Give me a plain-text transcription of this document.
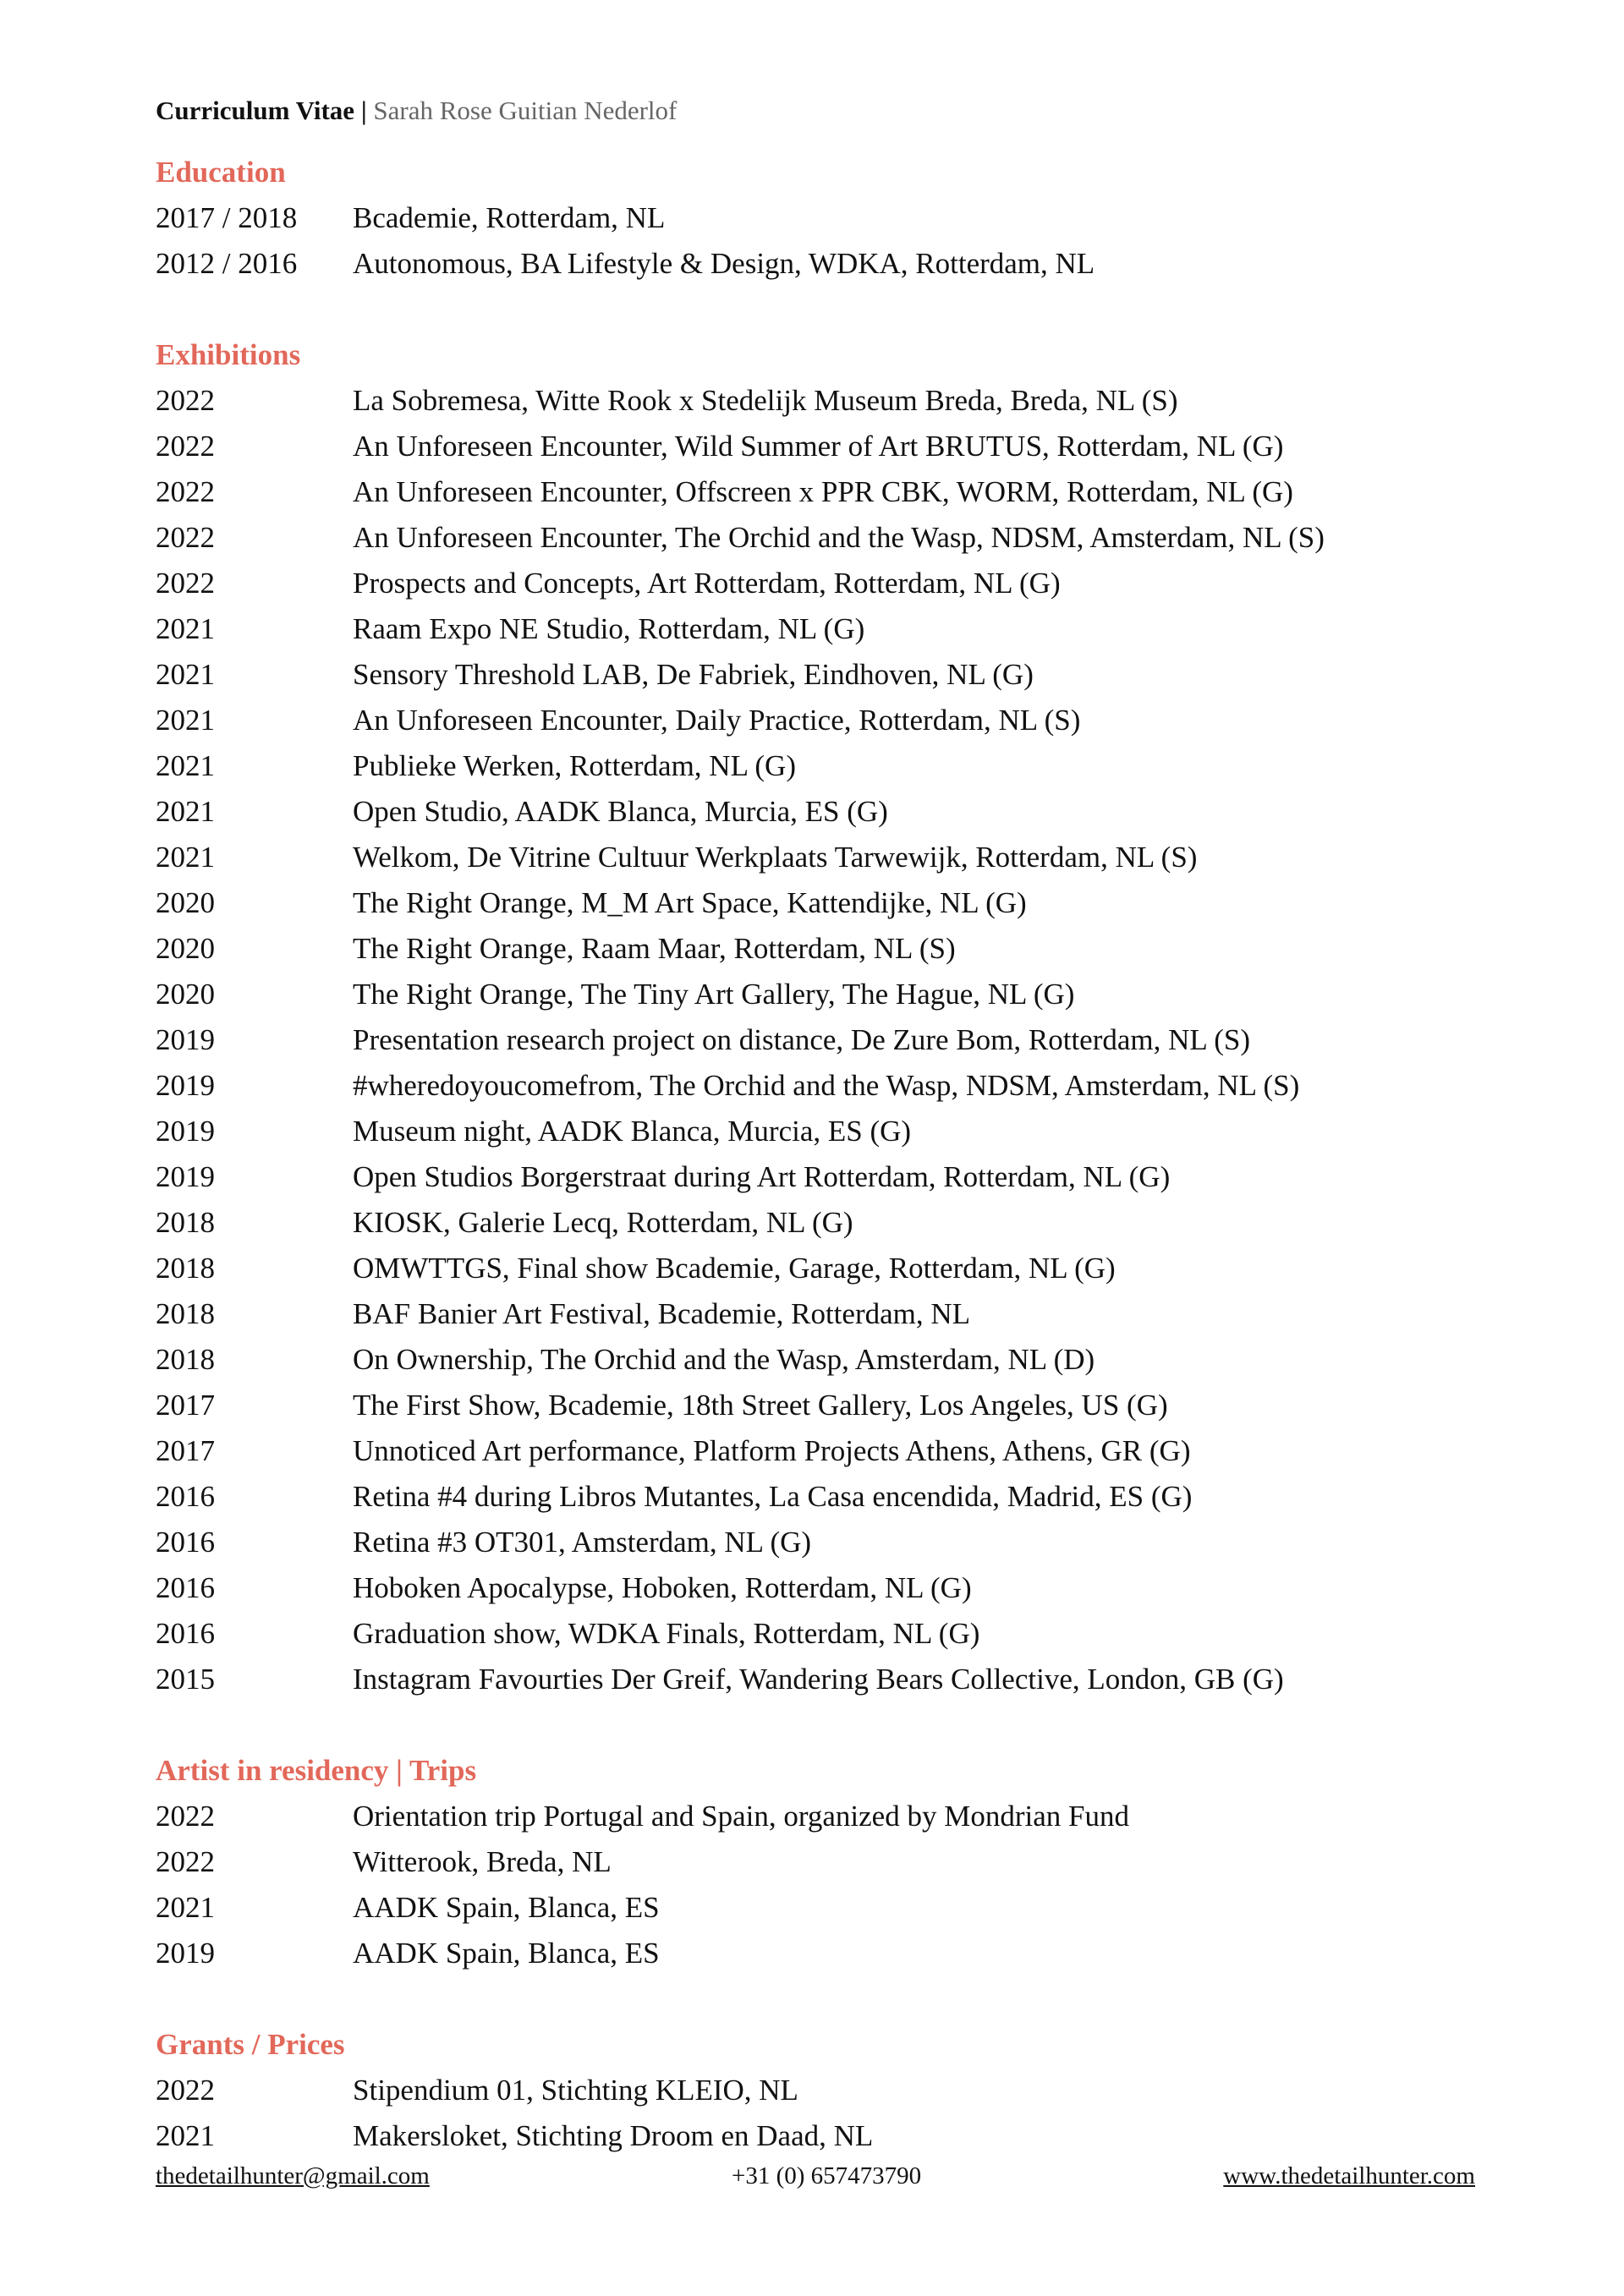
Curriculum Vitae | Sarah Rose Guitian Nederlof
Education
2017 / 2018 Bcademie, Rotterdam, NL
2012 / 2016 Autonomous, BA Lifestyle & Design, WDKA, Rotterdam, NL
Exhibitions
2022	La Sobremesa, Witte Rook x Stedelijk Museum Breda, Breda, NL (S)
2022	An Unforeseen Encounter, Wild Summer of Art BRUTUS, Rotterdam, NL (G)
2022	An Unforeseen Encounter, Offscreen x PPR CBK, WORM, Rotterdam, NL (G)
2022	An Unforeseen Encounter, The Orchid and the Wasp, NDSM, Amsterdam, NL (S)
2022	Prospects and Concepts, Art Rotterdam, Rotterdam, NL (G)
2021	Raam Expo NE Studio, Rotterdam, NL (G)
2021	Sensory Threshold LAB, De Fabriek, Eindhoven, NL (G)
2021	An Unforeseen Encounter, Daily Practice, Rotterdam, NL (S)
2021	Publieke Werken, Rotterdam, NL (G)
2021	Open Studio, AADK Blanca, Murcia, ES (G)
2021	Welkom, De Vitrine Cultuur Werkplaats Tarwewijk, Rotterdam, NL (S)
2020	The Right Orange, M_M Art Space, Kattendijke, NL (G)
2020	The Right Orange, Raam Maar, Rotterdam, NL (S)
2020	The Right Orange, The Tiny Art Gallery, The Hague, NL (G)
2019	Presentation research project on distance, De Zure Bom, Rotterdam, NL (S)
2019	#wheredoyoucomefrom, The Orchid and the Wasp, NDSM, Amsterdam, NL (S)
2019	Museum night, AADK Blanca, Murcia, ES (G)
2019	Open Studios Borgerstraat during Art Rotterdam, Rotterdam, NL (G)
2018	KIOSK, Galerie Lecq, Rotterdam, NL (G)
2018	OMWTTGS, Final show Bcademie, Garage, Rotterdam, NL (G)
2018	BAF Banier Art Festival, Bcademie, Rotterdam, NL
2018	On Ownership, The Orchid and the Wasp, Amsterdam, NL (D)
2017	The First Show, Bcademie, 18th Street Gallery, Los Angeles, US (G)
2017	Unnoticed Art performance, Platform Projects Athens, Athens, GR (G)
2016	Retina #4 during Libros Mutantes, La Casa encendida, Madrid, ES (G)
2016	Retina #3 OT301, Amsterdam, NL (G)
2016	Hoboken Apocalypse, Hoboken, Rotterdam, NL (G)
2016	Graduation show, WDKA Finals, Rotterdam, NL (G)
2015	Instagram Favourties Der Greif, Wandering Bears Collective, London, GB (G)
Artist in residency | Trips
2022	Orientation trip Portugal and Spain, organized by Mondrian Fund
2022	Witterook, Breda, NL
2021	AADK Spain, Blanca, ES
2019	AADK Spain, Blanca, ES
Grants / Prices
2022	Stipendium 01, Stichting KLEIO, NL
2021	Makersloket, Stichting Droom en Daad, NL
thedetailhunter@gmail.com	+31 (0) 657473790	www.thedetailhunter.com
